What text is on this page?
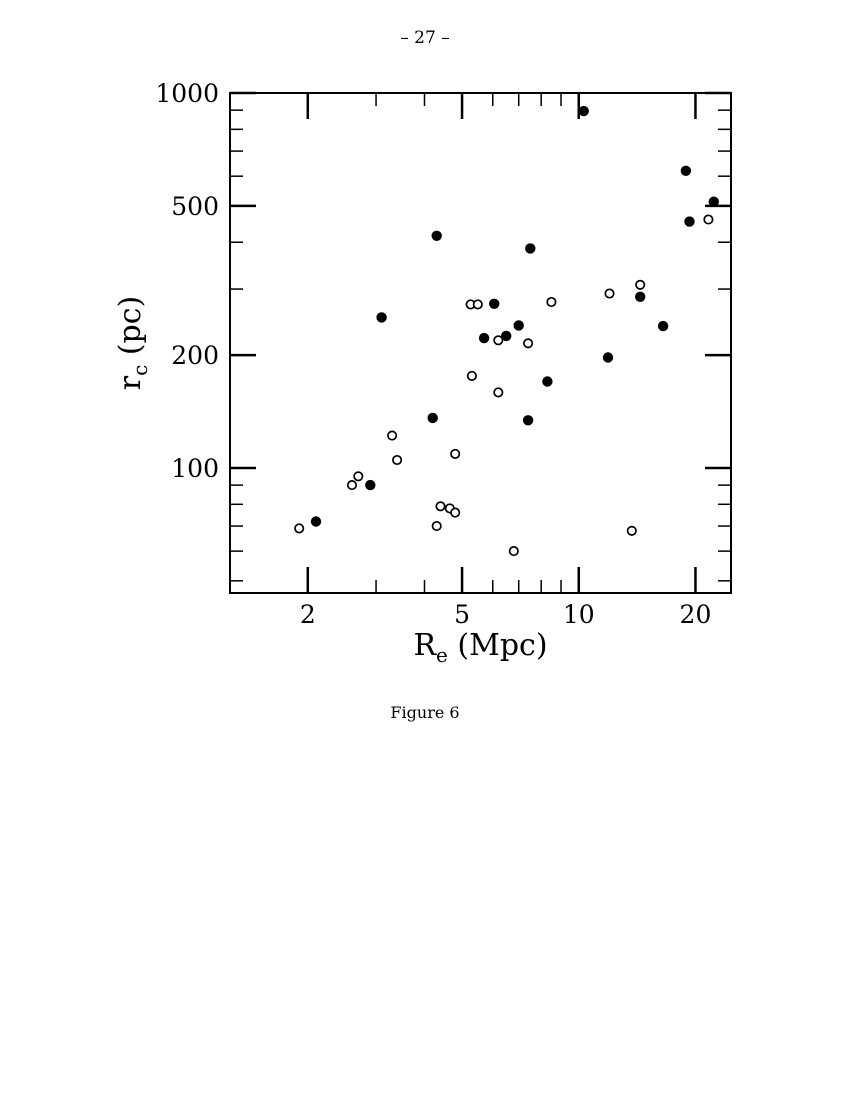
– 27 –
2	5	10	20
100
200
500
1000
$R_e$ (Mpc)
$r_c$ (pc)
Figure 6
